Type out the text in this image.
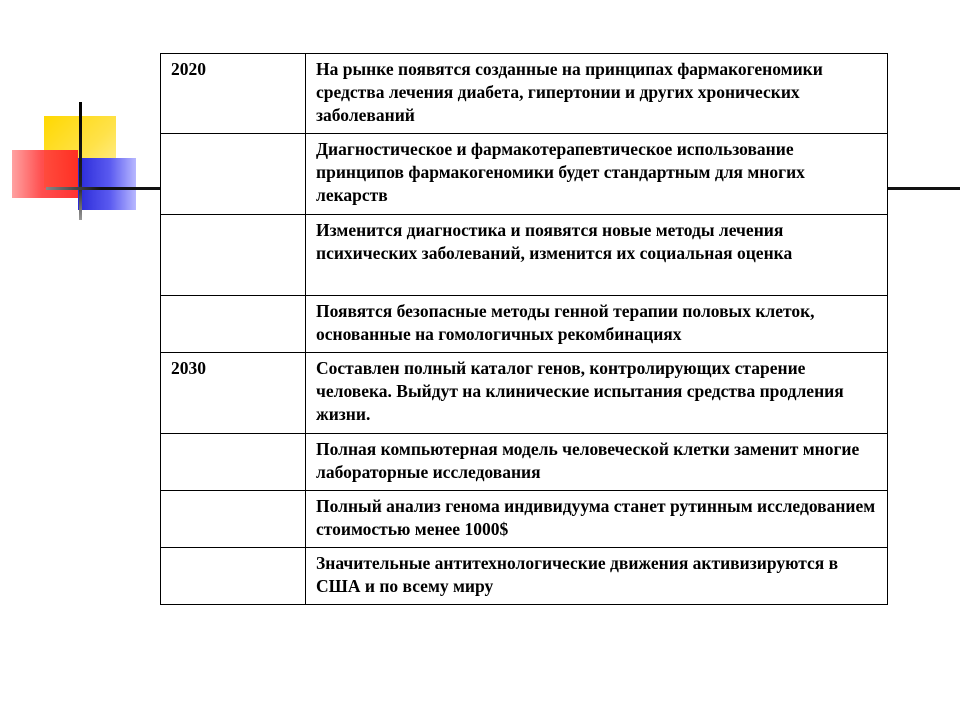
2020	На рынке появятся созданные на принципах фармакогеномики средства лечения диабета, гипертонии и других хронических заболеваний
	Диагностическое и фармакотерапевтическое использование принципов фармакогеномики будет стандартным для многих лекарств
	Изменится диагностика и появятся новые методы лечения психических заболеваний, изменится их социальная оценка
	Появятся безопасные методы генной терапии половых клеток, основанные на гомологичных рекомбинациях
2030	Составлен полный каталог генов, контролирующих старение человека. Выйдут на клинические испытания средства продления жизни.
	Полная компьютерная модель человеческой клетки заменит многие лабораторные исследования
	Полный анализ генома индивидуума станет рутинным исследованием стоимостью менее 1000$
	Значительные антитехнологические движения активизируются в США и по всему миру
